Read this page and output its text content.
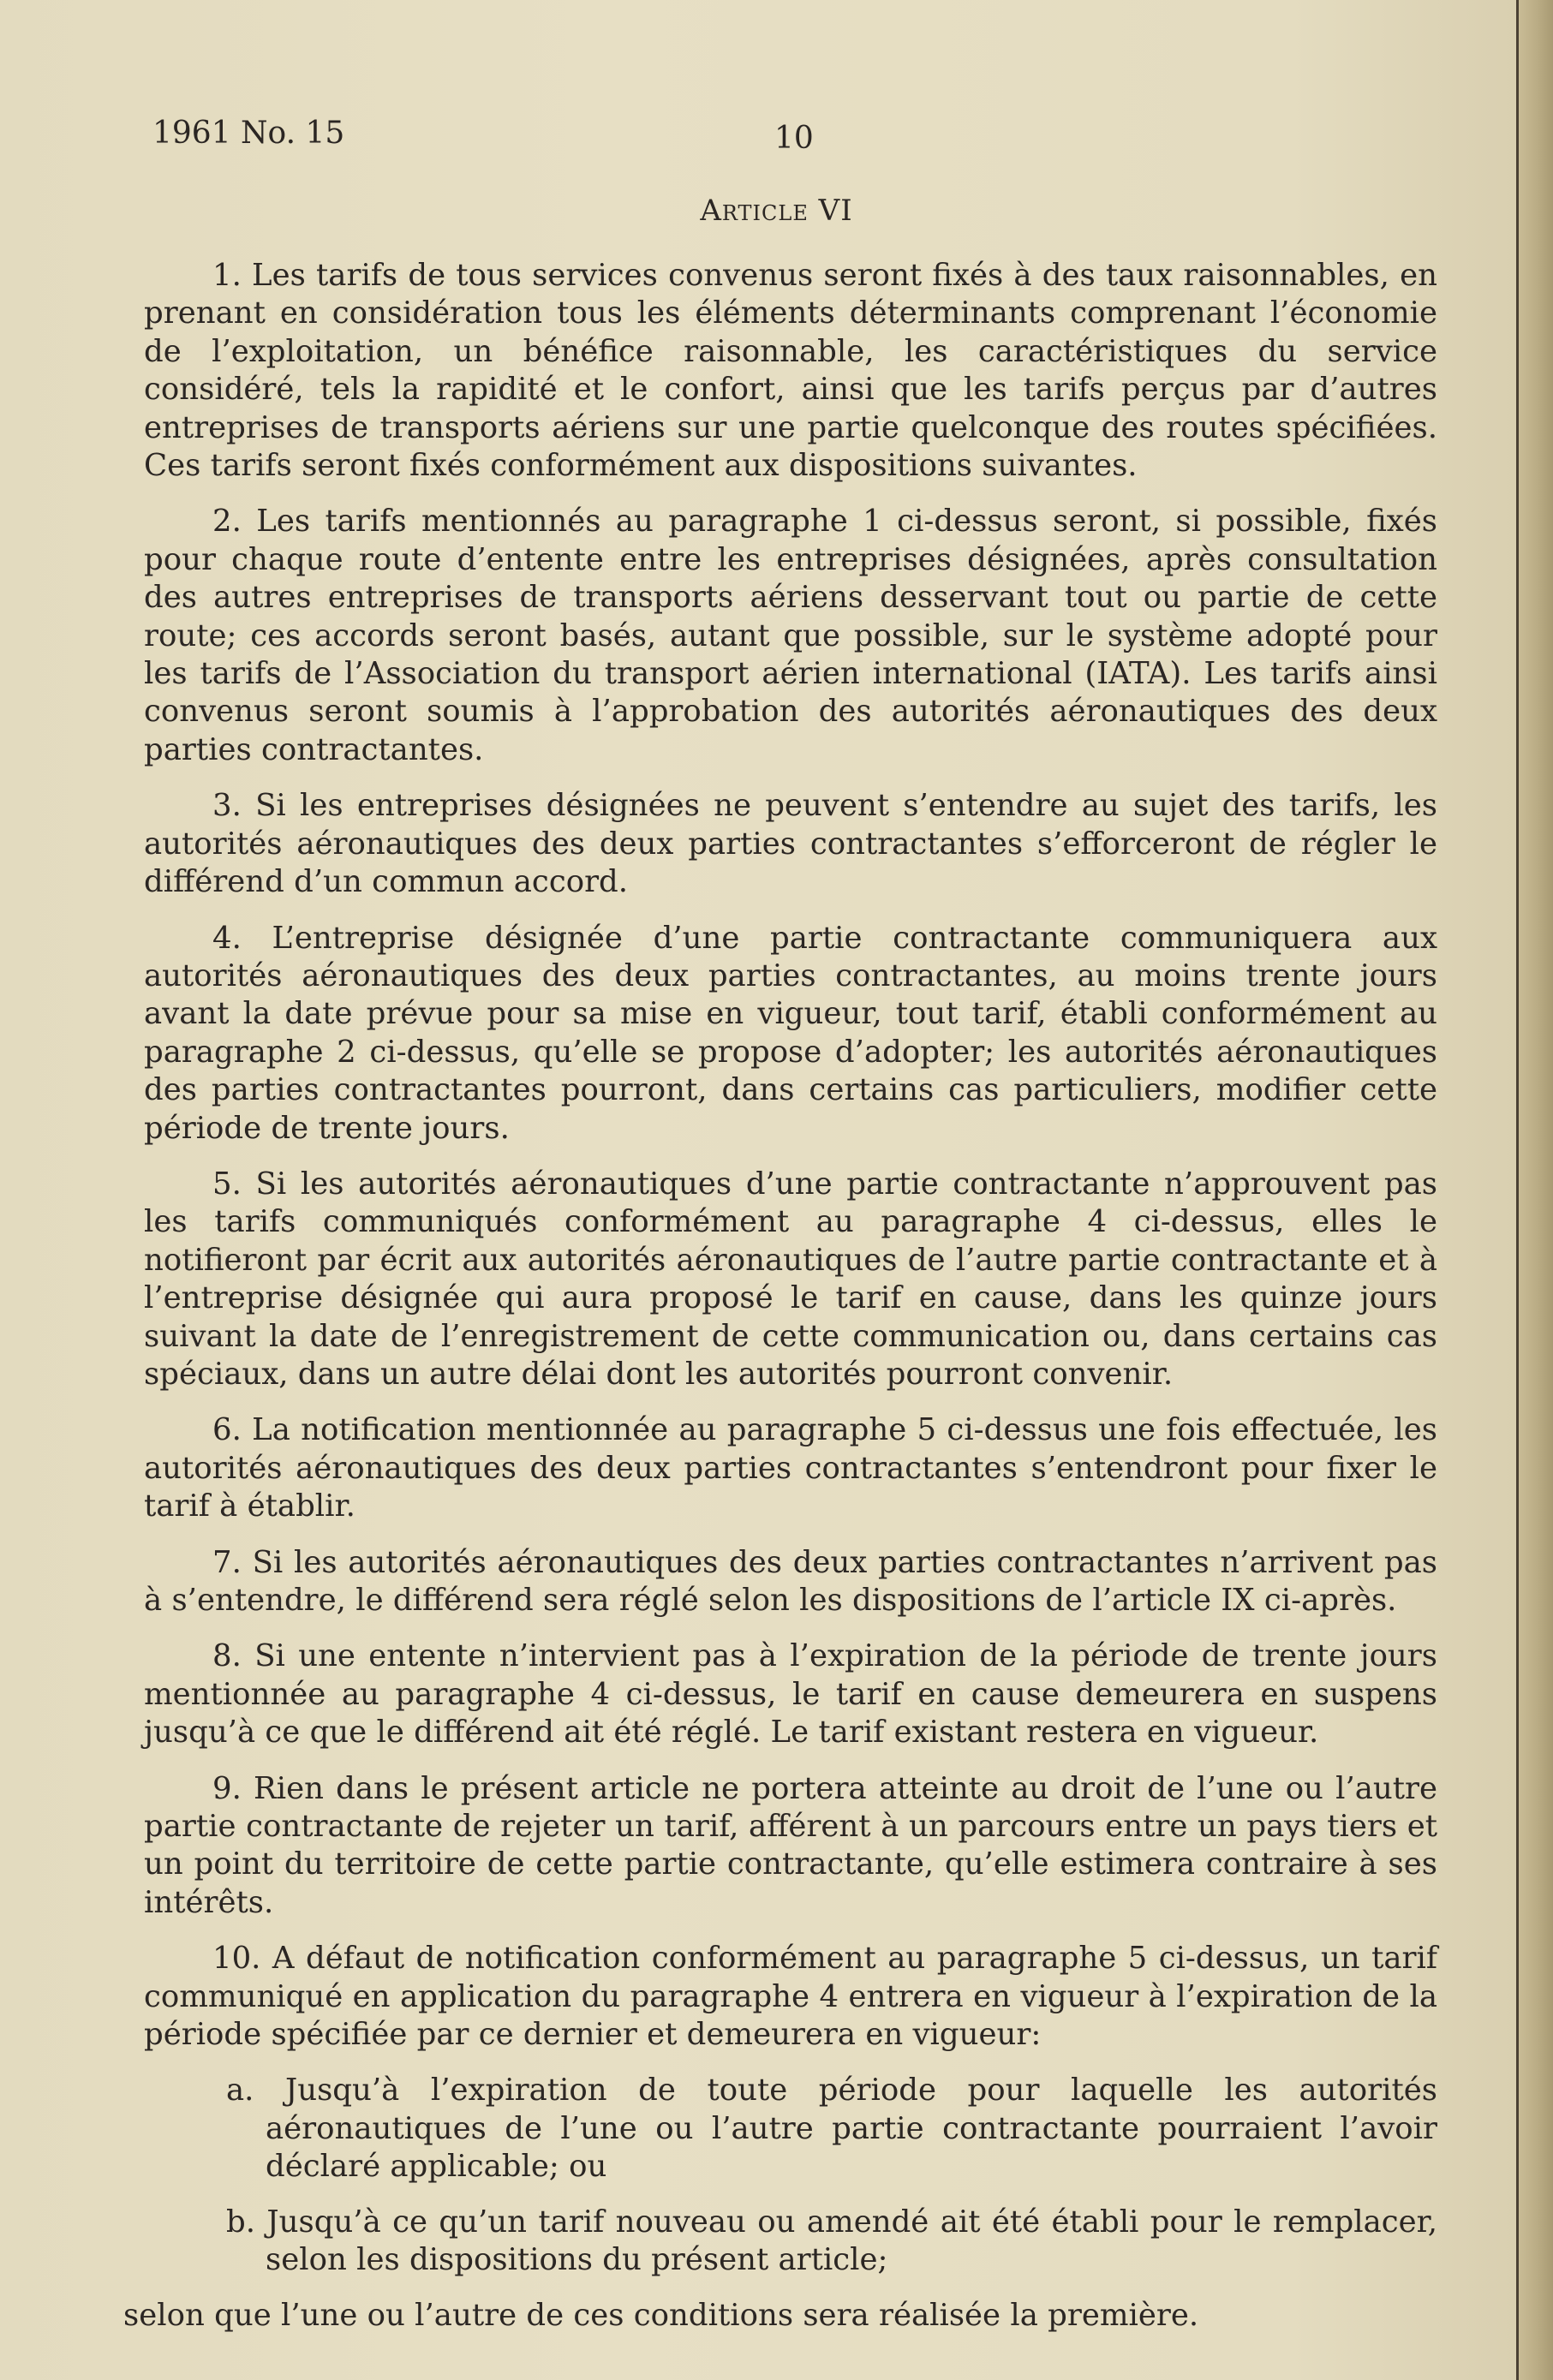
1961 No. 15	10
Article VI

1. Les tarifs de tous services convenus seront fixés à des taux raisonnables, en prenant en considération tous les éléments déterminants comprenant l’économie de l’exploitation, un bénéfice raisonnable, les caractéristiques du service considéré, tels la rapidité et le confort, ainsi que les tarifs perçus par d’autres entreprises de transports aériens sur une partie quelconque des routes spécifiées. Ces tarifs seront fixés conformément aux dispositions suivantes.

2. Les tarifs mentionnés au paragraphe 1 ci-dessus seront, si possible, fixés pour chaque route d’entente entre les entreprises désignées, après consultation des autres entreprises de transports aériens desservant tout ou partie de cette route; ces accords seront basés, autant que possible, sur le système adopté pour les tarifs de l’Association du transport aérien international (IATA). Les tarifs ainsi convenus seront soumis à l’approbation des autorités aéronautiques des deux parties contractantes.

3. Si les entreprises désignées ne peuvent s’entendre au sujet des tarifs, les autorités aéronautiques des deux parties contractantes s’efforceront de régler le différend d’un commun accord.

4. L’entreprise désignée d’une partie contractante communiquera aux autorités aéronautiques des deux parties contractantes, au moins trente jours avant la date prévue pour sa mise en vigueur, tout tarif, établi conformément au paragraphe 2 ci-dessus, qu’elle se propose d’adopter; les autorités aéronautiques des parties contractantes pourront, dans certains cas particuliers, modifier cette période de trente jours.

5. Si les autorités aéronautiques d’une partie contractante n’approuvent pas les tarifs communiqués conformément au paragraphe 4 ci-dessus, elles le notifieront par écrit aux autorités aéronautiques de l’autre partie contractante et à l’entreprise désignée qui aura proposé le tarif en cause, dans les quinze jours suivant la date de l’enregistrement de cette communication ou, dans certains cas spéciaux, dans un autre délai dont les autorités pourront convenir.

6. La notification mentionnée au paragraphe 5 ci-dessus une fois effectuée, les autorités aéronautiques des deux parties contractantes s’entendront pour fixer le tarif à établir.

7. Si les autorités aéronautiques des deux parties contractantes n’arrivent pas à s’entendre, le différend sera réglé selon les dispositions de l’article IX ci-après.

8. Si une entente n’intervient pas à l’expiration de la période de trente jours mentionnée au paragraphe 4 ci-dessus, le tarif en cause demeurera en suspens jusqu’à ce que le différend ait été réglé. Le tarif existant restera en vigueur.

9. Rien dans le présent article ne portera atteinte au droit de l’une ou l’autre partie contractante de rejeter un tarif, afférent à un parcours entre un pays tiers et un point du territoire de cette partie contractante, qu’elle estimera contraire à ses intérêts.

10. A défaut de notification conformément au paragraphe 5 ci-dessus, un tarif communiqué en application du paragraphe 4 entrera en vigueur à l’expiration de la période spécifiée par ce dernier et demeurera en vigueur:

a. Jusqu’à l’expiration de toute période pour laquelle les autorités aéronautiques de l’une ou l’autre partie contractante pourraient l’avoir déclaré applicable; ou

b. Jusqu’à ce qu’un tarif nouveau ou amendé ait été établi pour le remplacer, selon les dispositions du présent article;

selon que l’une ou l’autre de ces conditions sera réalisée la première.
